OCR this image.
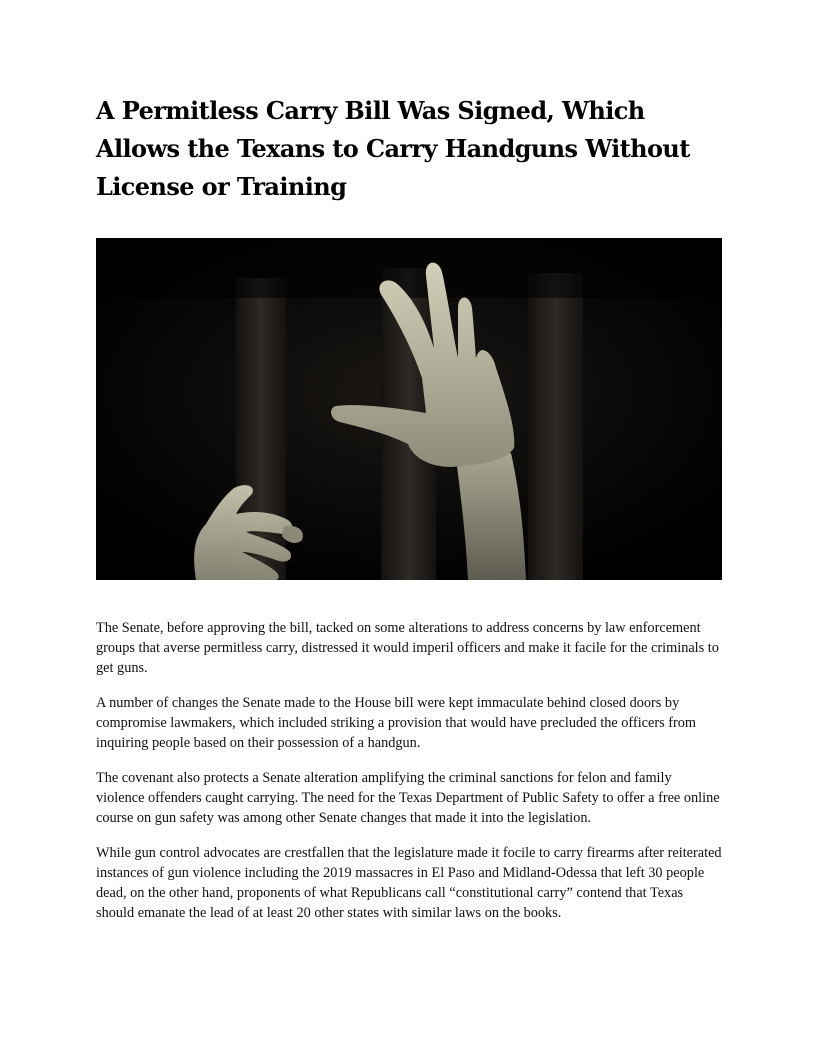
A Permitless Carry Bill Was Signed, Which Allows the Texans to Carry Handguns Without License or Training

The Senate, before approving the bill, tacked on some alterations to address concerns by law enforcement groups that averse permitless carry, distressed it would imperil officers and make it facile for the criminals to get guns.

A number of changes the Senate made to the House bill were kept immaculate behind closed doors by compromise lawmakers, which included striking a provision that would have precluded the officers from inquiring people based on their possession of a handgun.

The covenant also protects a Senate alteration amplifying the criminal sanctions for felon and family violence offenders caught carrying. The need for the Texas Department of Public Safety to offer a free online course on gun safety was among other Senate changes that made it into the legislation.

While gun control advocates are crestfallen that the legislature made it focile to carry firearms after reiterated instances of gun violence including the 2019 massacres in El Paso and Midland-Odessa that left 30 people dead, on the other hand, proponents of what Republicans call “constitutional carry” contend that Texas should emanate the lead of at least 20 other states with similar laws on the books.
